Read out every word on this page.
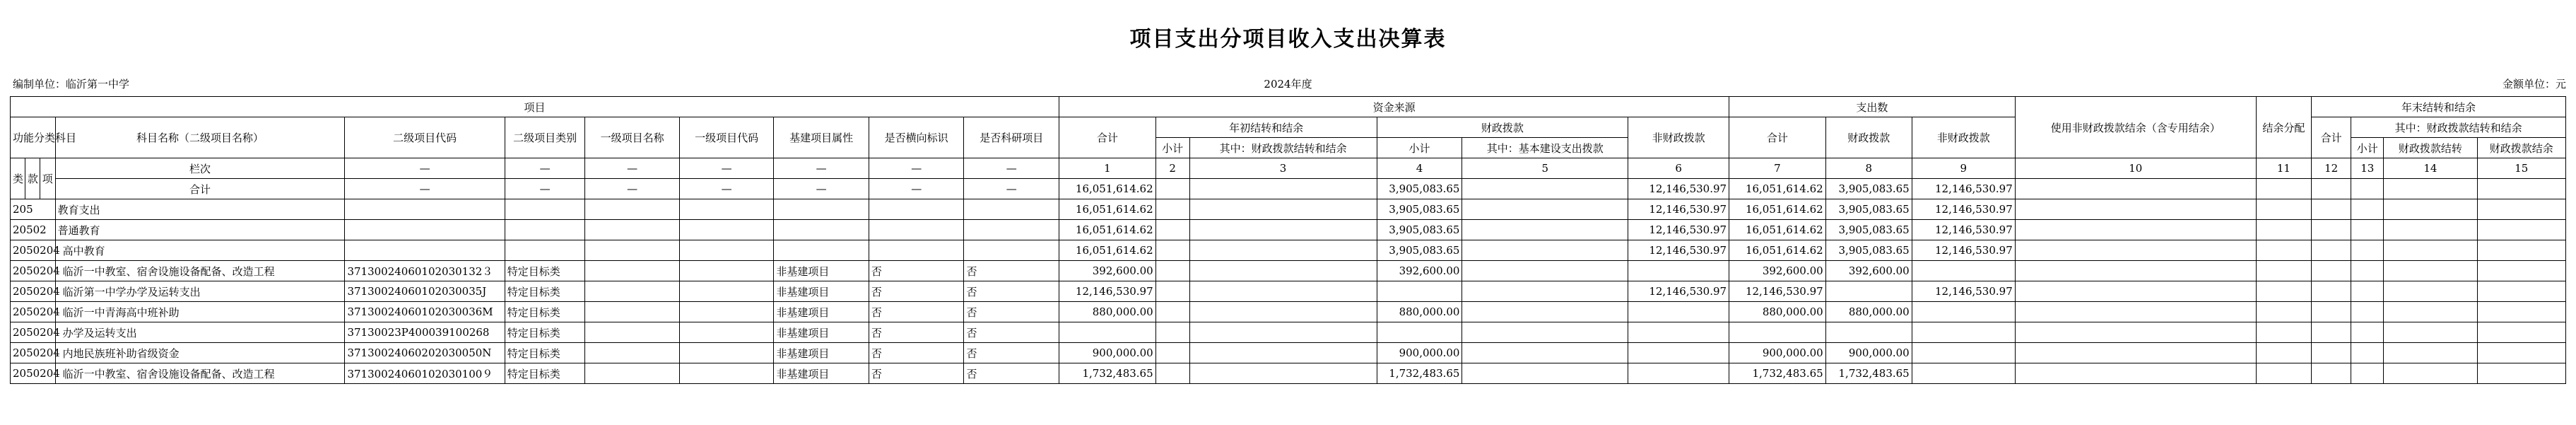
项目支出分项目收入支出决算表
编制单位：临沂第一中学	2024年度	金额单位：元
项目											资金来源						支出数			使用非财政拨款结余（含专用结余）	结余分配	年末结转和结余			
功能分类科目			科目名称（二级项目名称）	二级项目代码	二级项目类别	一级项目名称	一级项目代码	基建项目属性	是否横向标识	是否科研项目	合计	年初结转和结余		财政拨款		非财政拨款	合计	财政拨款	非财政拨款			合计	其中：财政拨款结转和结余		
												小计	其中：财政拨款结转和结余	小计	其中：基本建设支出拨款								小计	财政拨款结转	财政拨款结余
类	款	项	栏次	—	—	—	—	—	—	—	1	2	3	4	5	6	7	8	9	10	11	12	13	14	15
			合计	—	—	—	—	—	—	—	16,051,614.62			3,905,083.65		12,146,530.97	16,051,614.62	3,905,083.65	12,146,530.97						
205			教育支出								16,051,614.62			3,905,083.65		12,146,530.97	16,051,614.62	3,905,083.65	12,146,530.97						
20502			普通教育								16,051,614.62			3,905,083.65		12,146,530.97	16,051,614.62	3,905,083.65	12,146,530.97						
2050204			高中教育								16,051,614.62			3,905,083.65		12,146,530.97	16,051,614.62	3,905,083.65	12,146,530.97						
2050204			临沂一中教室、宿舍设施设备配备、改造工程	37130024060102030132３	特定目标类			非基建项目	否	否	392,600.00			392,600.00			392,600.00	392,600.00							
2050204			临沂第一中学办学及运转支出	37130024060102030035J	特定目标类			非基建项目	否	否	12,146,530.97					12,146,530.97	12,146,530.97		12,146,530.97						
2050204			临沂一中青海高中班补助	37130024060102030036M	特定目标类			非基建项目	否	否	880,000.00			880,000.00			880,000.00	880,000.00							
2050204			办学及运转支出	37130023P400039100268	特定目标类			非基建项目	否	否															
2050204			内地民族班补助省级资金	37130024060202030050N	特定目标类			非基建项目	否	否	900,000.00			900,000.00			900,000.00	900,000.00							
2050204			临沂一中教室、宿舍设施设备配备、改造工程	37130024060102030100９	特定目标类			非基建项目	否	否	1,732,483.65			1,732,483.65			1,732,483.65	1,732,483.65							
